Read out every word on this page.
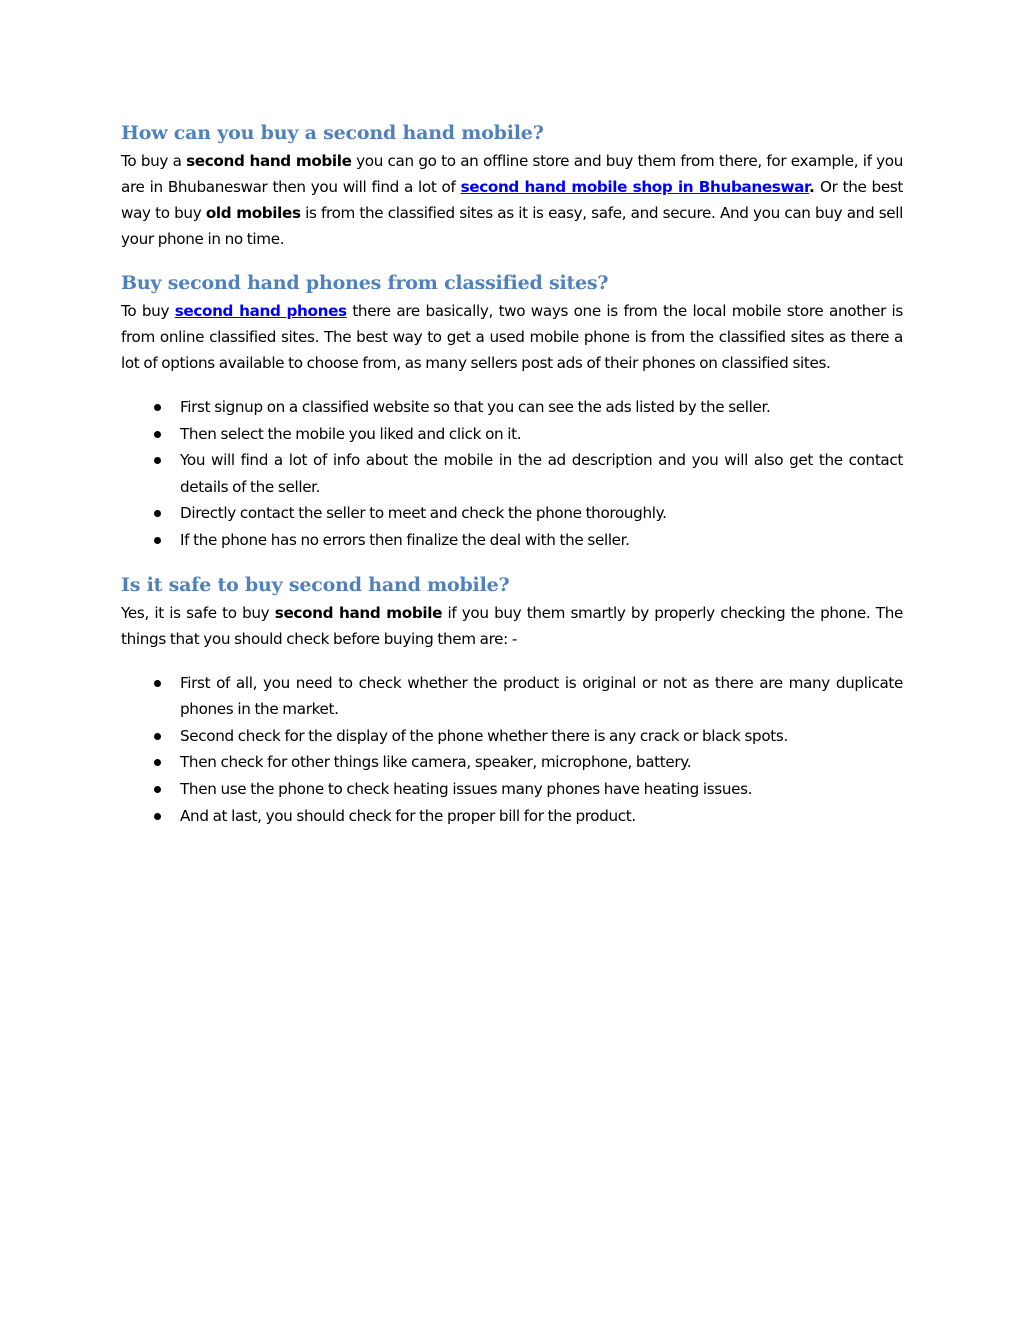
How can you buy a second hand mobile?

To buy a second hand mobile you can go to an offline store and buy them from there, for example, if you are in Bhubaneswar then you will find a lot of second hand mobile shop in Bhubaneswar. Or the best way to buy old mobiles is from the classified sites as it is easy, safe, and secure. And you can buy and sell your phone in no time.

Buy second hand phones from classified sites?

To buy second hand phones there are basically, two ways one is from the local mobile store another is from online classified sites. The best way to get a used mobile phone is from the classified sites as there a lot of options available to choose from, as many sellers post ads of their phones on classified sites.

First signup on a classified website so that you can see the ads listed by the seller.
Then select the mobile you liked and click on it.
You will find a lot of info about the mobile in the ad description and you will also get the contact details of the seller.
Directly contact the seller to meet and check the phone thoroughly.
If the phone has no errors then finalize the deal with the seller.
Is it safe to buy second hand mobile?

Yes, it is safe to buy second hand mobile if you buy them smartly by properly checking the phone. The things that you should check before buying them are: -

First of all, you need to check whether the product is original or not as there are many duplicate phones in the market.
Second check for the display of the phone whether there is any crack or black spots.
Then check for other things like camera, speaker, microphone, battery.
Then use the phone to check heating issues many phones have heating issues.
And at last, you should check for the proper bill for the product.
